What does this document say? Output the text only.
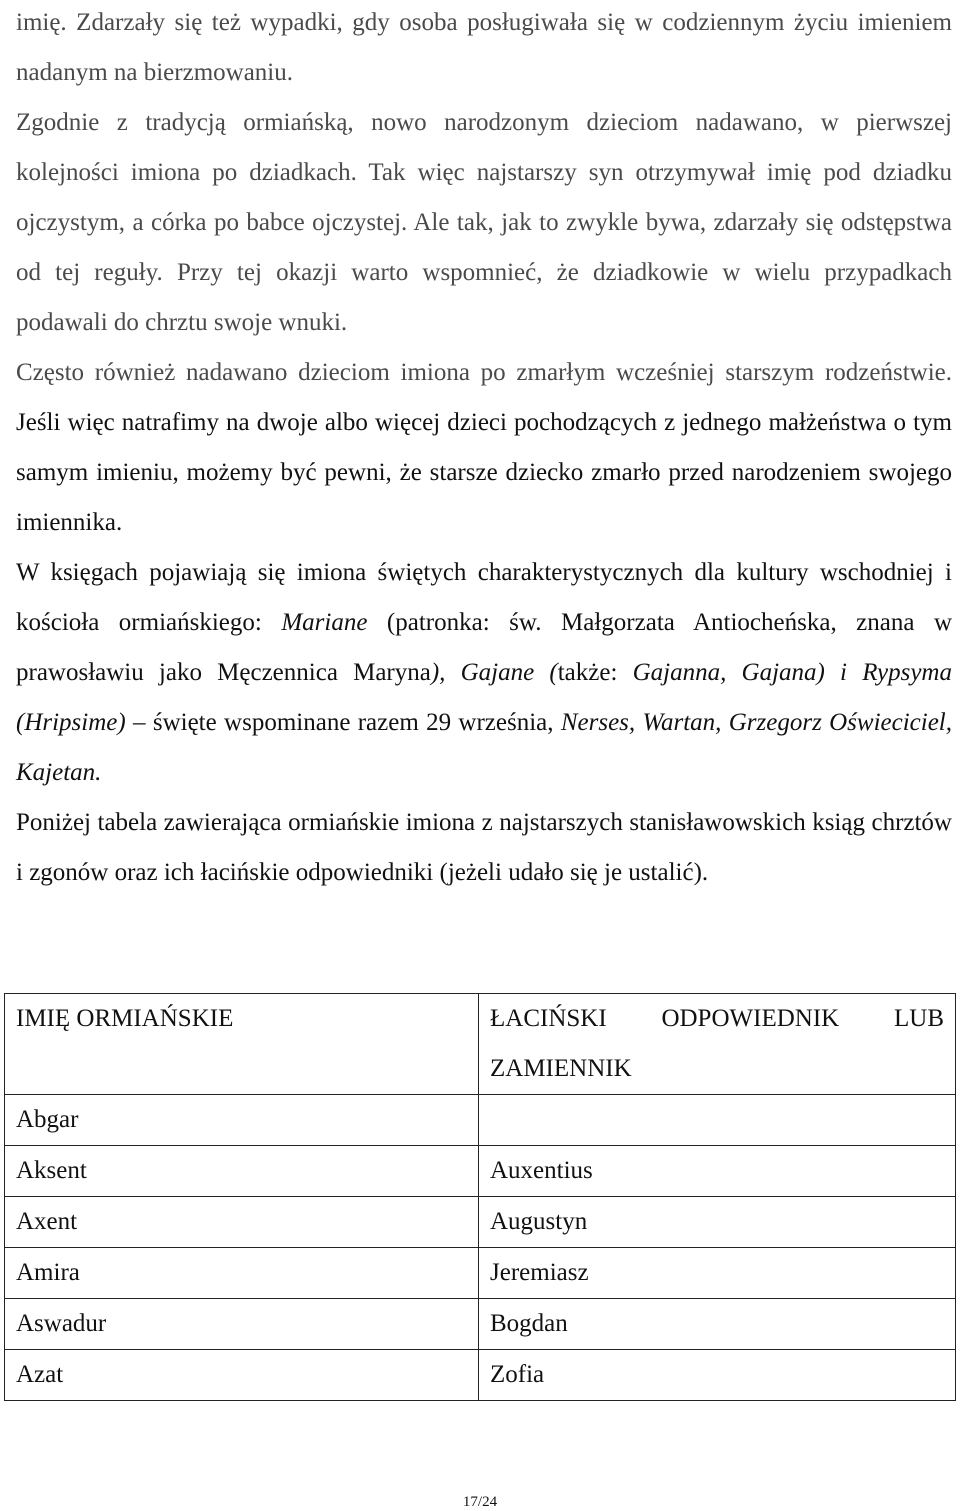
imię. Zdarzały się też wypadki, gdy osoba posługiwała się w codziennym życiu imieniem nadanym na bierzmowaniu.

Zgodnie z tradycją ormiańską, nowo narodzonym dzieciom nadawano, w pierwszej kolejności imiona po dziadkach. Tak więc najstarszy syn otrzymywał imię pod dziadku ojczystym, a córka po babce ojczystej. Ale tak, jak to zwykle bywa, zdarzały się odstępstwa od tej reguły. Przy tej okazji warto wspomnieć, że dziadkowie w wielu przypadkach podawali do chrztu swoje wnuki.

Często również nadawano dzieciom imiona po zmarłym wcześniej starszym rodzeństwie. Jeśli więc natrafimy na dwoje albo więcej dzieci pochodzących z jednego małżeństwa o tym samym imieniu, możemy być pewni, że starsze dziecko zmarło przed narodzeniem swojego imiennika.

W księgach pojawiają się imiona świętych charakterystycznych dla kultury wschodniej i kościoła ormiańskiego: Mariane (patronka: św. Małgorzata Antiocheńska, znana w prawosławiu jako Męczennica Maryna), Gajane (także: Gajanna, Gajana) i Rypsyma (Hripsime) – święte wspominane razem 29 września, Nerses, Wartan, Grzegorz Oświeciciel, Kajetan.

Poniżej tabela zawierająca ormiańskie imiona z najstarszych stanisławowskich ksiąg chrztów i zgonów oraz ich łacińskie odpowiedniki (jeżeli udało się je ustalić).

IMIĘ ORMIAŃSKIE	ŁACIŃSKI ODPOWIEDNIK LUB
ZAMIENNIK

Abgar	
Aksent	Auxentius
Axent	Augustyn
Amira	Jeremiasz
Aswadur	Bogdan
Azat	Zofia
17/24
